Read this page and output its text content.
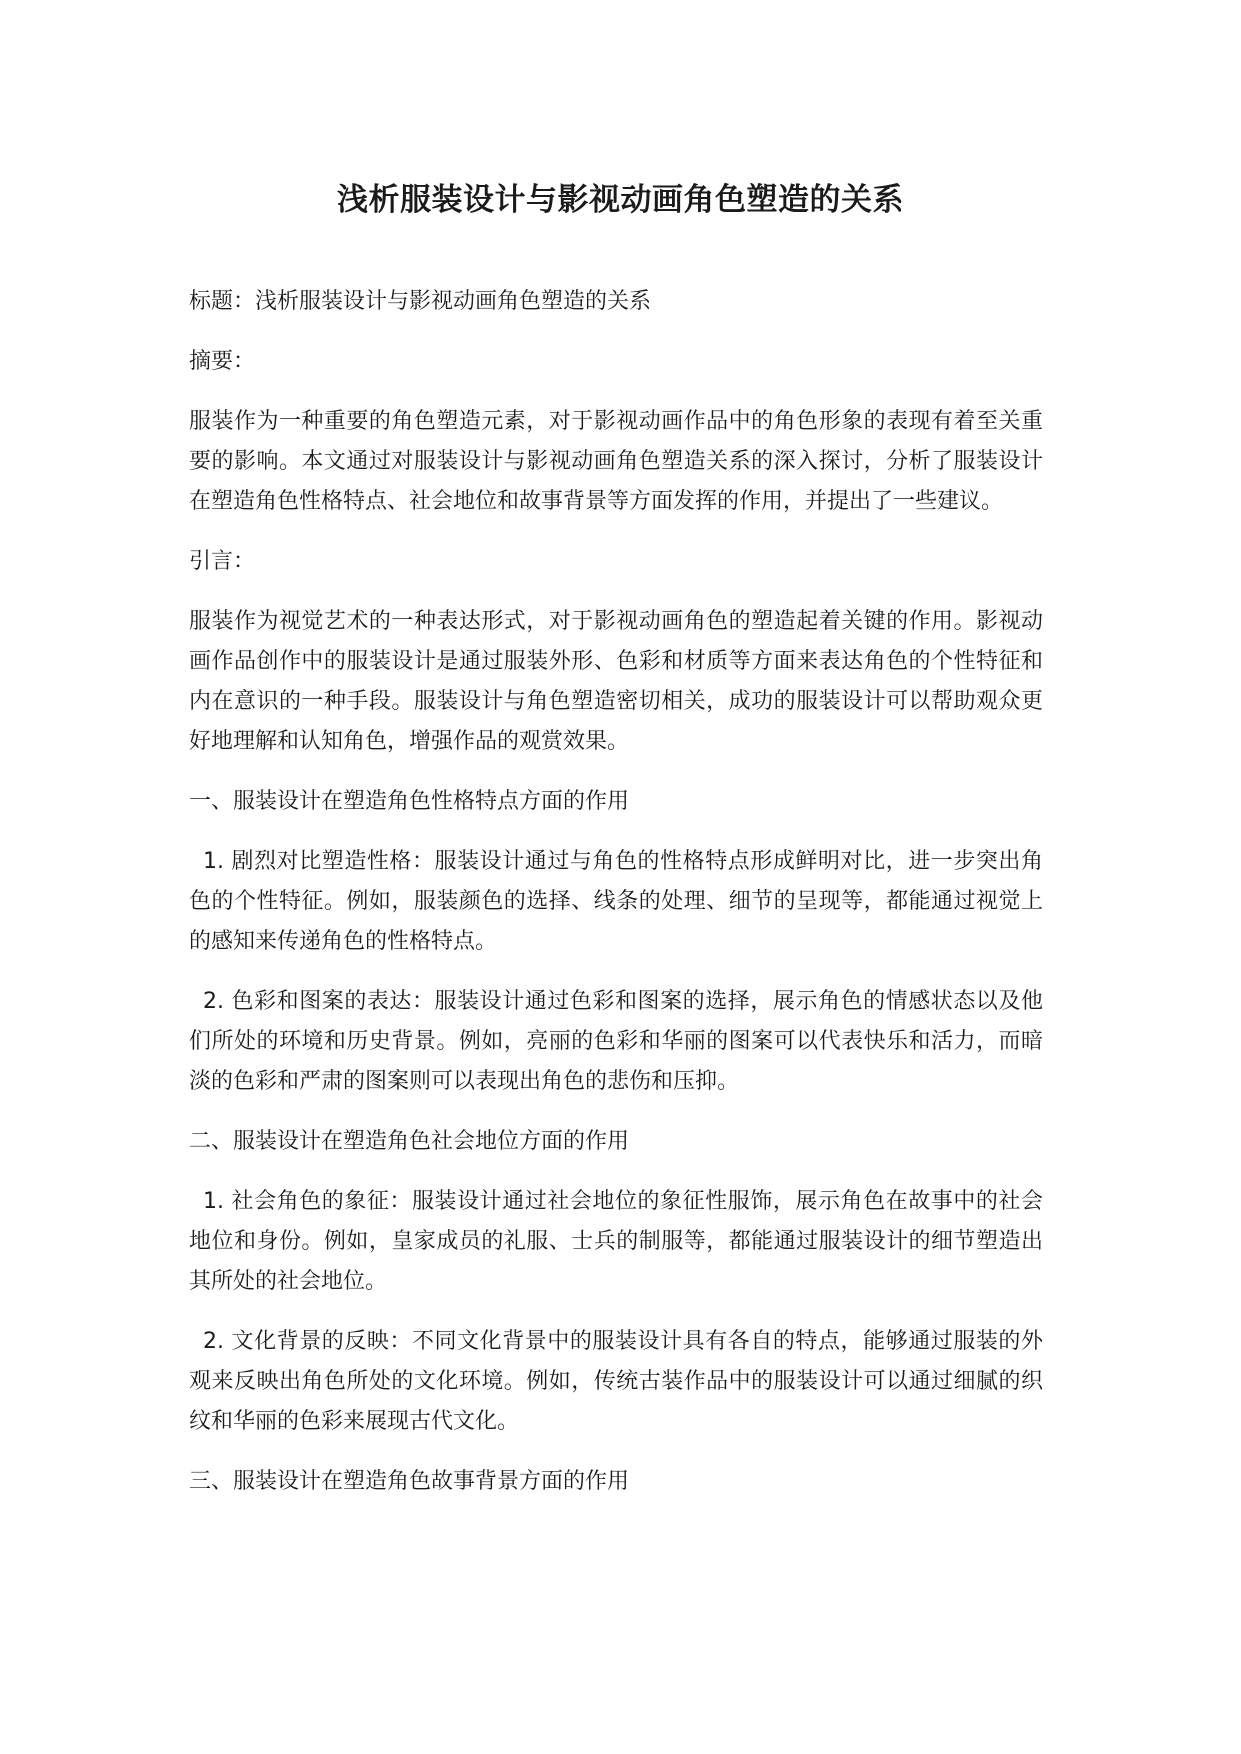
浅析服装设计与影视动画角色塑造的关系

标题：浅析服装设计与影视动画角色塑造的关系

摘要：

服装作为一种重要的角色塑造元素，对于影视动画作品中的角色形象的表现有着至关重要的影响。本文通过对服装设计与影视动画角色塑造关系的深入探讨，分析了服装设计在塑造角色性格特点、社会地位和故事背景等方面发挥的作用，并提出了一些建议。

引言：

服装作为视觉艺术的一种表达形式，对于影视动画角色的塑造起着关键的作用。影视动画作品创作中的服装设计是通过服装外形、色彩和材质等方面来表达角色的个性特征和内在意识的一种手段。服装设计与角色塑造密切相关，成功的服装设计可以帮助观众更好地理解和认知角色，增强作品的观赏效果。

一、服装设计在塑造角色性格特点方面的作用

1. 剧烈对比塑造性格：服装设计通过与角色的性格特点形成鲜明对比，进一步突出角色的个性特征。例如，服装颜色的选择、线条的处理、细节的呈现等，都能通过视觉上的感知来传递角色的性格特点。

2. 色彩和图案的表达：服装设计通过色彩和图案的选择，展示角色的情感状态以及他们所处的环境和历史背景。例如，亮丽的色彩和华丽的图案可以代表快乐和活力，而暗淡的色彩和严肃的图案则可以表现出角色的悲伤和压抑。

二、服装设计在塑造角色社会地位方面的作用

1. 社会角色的象征：服装设计通过社会地位的象征性服饰，展示角色在故事中的社会地位和身份。例如，皇家成员的礼服、士兵的制服等，都能通过服装设计的细节塑造出其所处的社会地位。

2. 文化背景的反映：不同文化背景中的服装设计具有各自的特点，能够通过服装的外观来反映出角色所处的文化环境。例如，传统古装作品中的服装设计可以通过细腻的织纹和华丽的色彩来展现古代文化。

三、服装设计在塑造角色故事背景方面的作用
